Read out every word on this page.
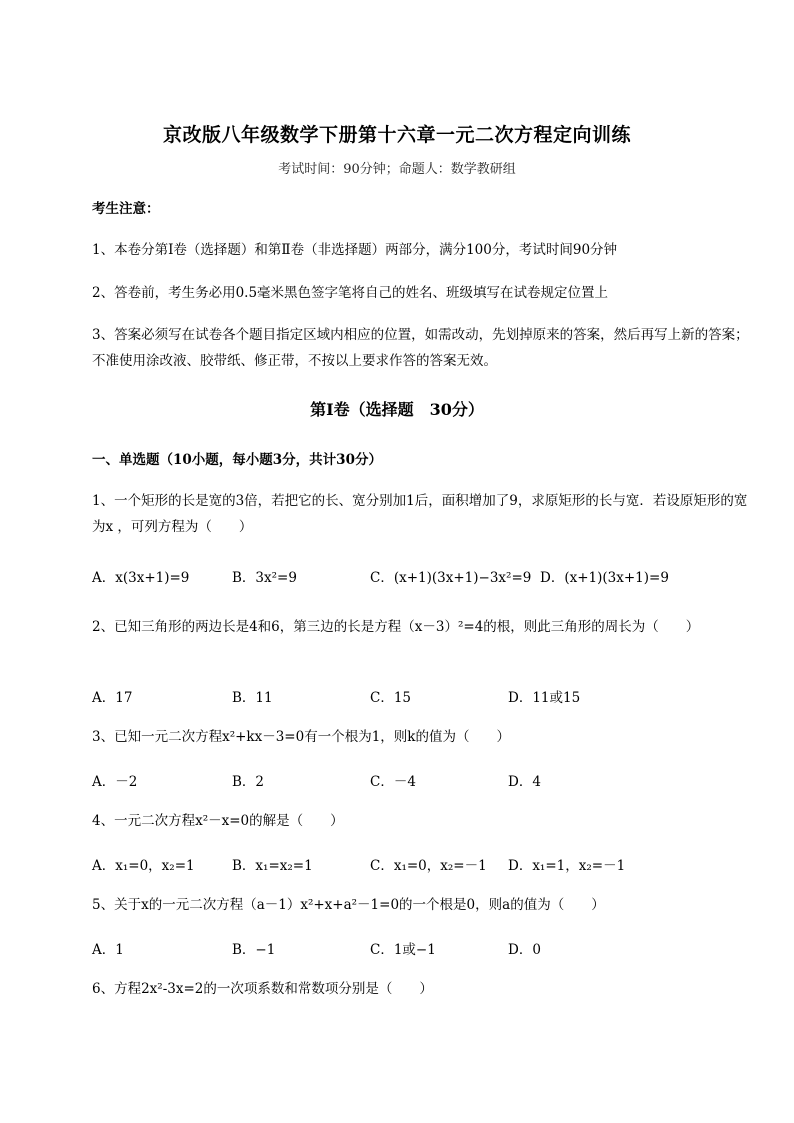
京改版八年级数学下册第十六章一元二次方程定向训练
考试时间：90分钟；命题人：数学教研组
考生注意：
1、本卷分第I卷（选择题）和第Ⅱ卷（非选择题）两部分，满分100分，考试时间90分钟
2、答卷前，考生务必用0.5毫米黑色签字笔将自己的姓名、班级填写在试卷规定位置上
3、答案必须写在试卷各个题目指定区域内相应的位置，如需改动，先划掉原来的答案，然后再写上新的答案；不准使用涂改液、胶带纸、修正带，不按以上要求作答的答案无效。
第I卷（选择题　30分）
一、单选题（10小题，每小题3分，共计30分）
1、一个矩形的长是宽的3倍，若把它的长、宽分别加1后，面积增加了9，求原矩形的长与宽．若设原矩形的宽为x ，可列方程为（　　）
A．x(3x+1)=9	B．3x²=9	C．(x+1)(3x+1)−3x²=9 D．(x+1)(3x+1)=9
2、已知三角形的两边长是4和6，第三边的长是方程（x－3）²=4的根，则此三角形的周长为（　　）
A．17	B．11	C．15	D．11或15
3、已知一元二次方程x²+kx－3=0有一个根为1，则k的值为（　　）
A．－2	B．2	C．－4	D．4
4、一元二次方程x²－x=0的解是（　　）
A．x₁=0，x₂=1	B．x₁=x₂=1	C．x₁=0，x₂=－1 D．x₁=1，x₂=－1
5、关于x的一元二次方程（a－1）x²+x+a²－1=0的一个根是0，则a的值为（　　）
A．1	B．−1	C．1或−1	D．0
6、方程2x²-3x=2的一次项系数和常数项分别是（　　）
